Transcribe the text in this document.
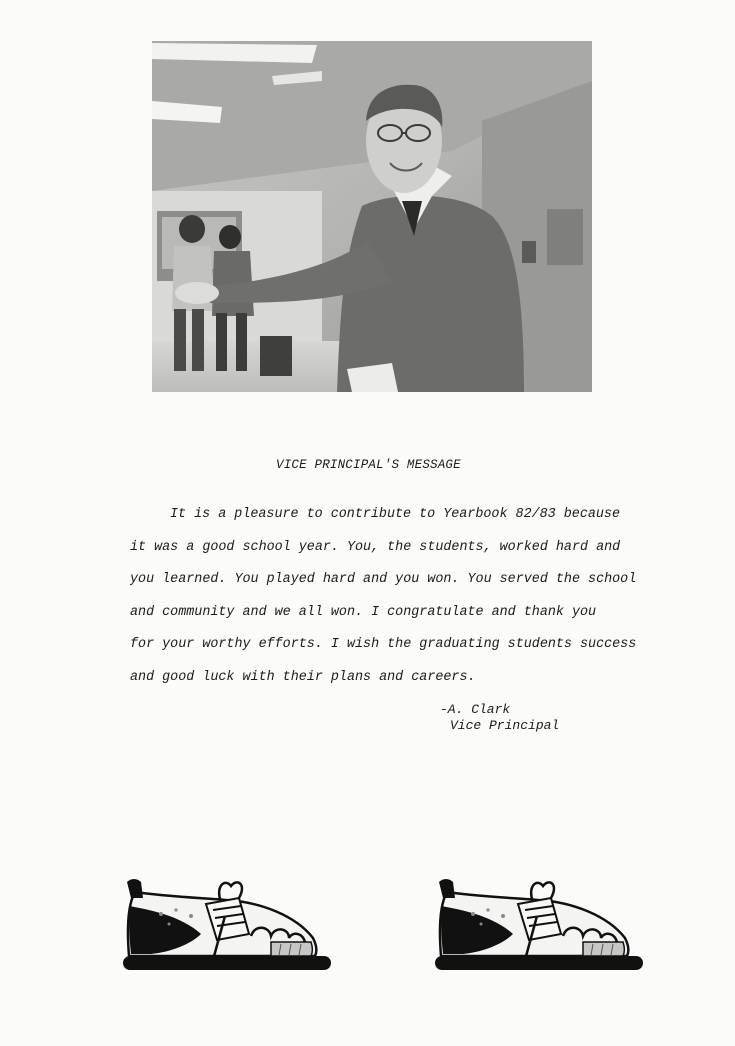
VICE PRINCIPAL'S MESSAGE
It is a pleasure to contribute to Yearbook 82/83 because
it was a good school year. You, the students, worked hard and
you learned. You played hard and you won. You served the school
and community and we all won. I congratulate and thank you
for your worthy efforts. I wish the graduating students success
and good luck with their plans and careers.
-A. Clark
Vice Principal
